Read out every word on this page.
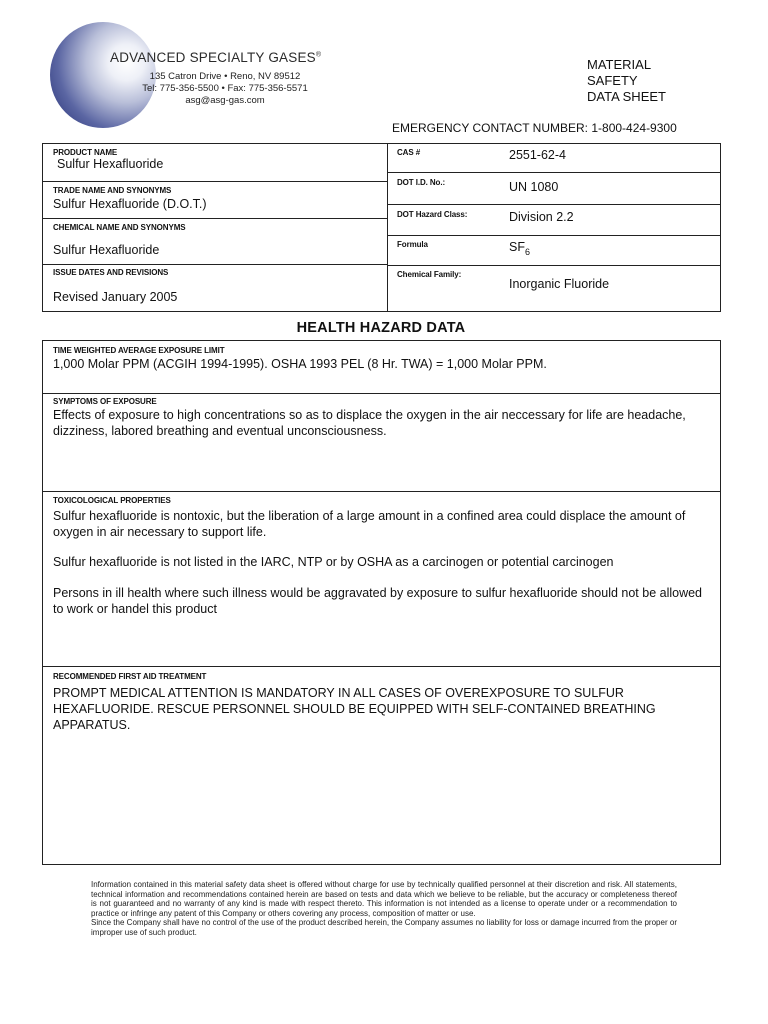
ADVANCED SPECIALTY GASES®
135 Catron Drive • Reno, NV 89512
Tel: 775-356-5500 • Fax: 775-356-5571
asg@asg-gas.com
MATERIAL
SAFETY
DATA SHEET
EMERGENCY CONTACT NUMBER: 1-800-424-9300
PRODUCT NAME
Sulfur Hexafluoride
TRADE NAME AND SYNONYMS
Sulfur Hexafluoride (D.O.T.)
CHEMICAL NAME AND SYNONYMS
Sulfur Hexafluoride
ISSUE DATES AND REVISIONS
Revised January 2005
CAS #	2551-62-4
DOT I.D. No.:	UN 1080
DOT Hazard Class:	Division 2.2
Formula	$SF_6$
Chemical Family:
Inorganic Fluoride
HEALTH HAZARD DATA
TIME WEIGHTED AVERAGE EXPOSURE LIMIT
1,000 Molar PPM (ACGIH 1994-1995). OSHA 1993 PEL (8 Hr. TWA) = 1,000 Molar PPM.
SYMPTOMS OF EXPOSURE
Effects of exposure to high concentrations so as to displace the oxygen in the air neccessary for life are headache, dizziness, labored breathing and eventual unconsciousness.
TOXICOLOGICAL PROPERTIES
Sulfur hexafluoride is nontoxic, but the liberation of a large amount in a confined area could displace the amount of oxygen in air necessary to support life.
Sulfur hexafluoride is not listed in the IARC, NTP or by OSHA as a carcinogen or potential carcinogen
Persons in ill health where such illness would be aggravated by exposure to sulfur hexafluoride should not be allowed to work or handel this product
RECOMMENDED FIRST AID TREATMENT
PROMPT MEDICAL ATTENTION IS MANDATORY IN ALL CASES OF OVEREXPOSURE TO SULFUR HEXAFLUORIDE. RESCUE PERSONNEL SHOULD BE EQUIPPED WITH SELF-CONTAINED BREATHING APPARATUS.

Information contained in this material safety data sheet is offered without charge for use by technically qualified personnel at their discretion and risk. All statements, technical information and recommendations contained herein are based on tests and data which we believe to be reliable, but the accuracy or completeness thereof is not guaranteed and no warranty of any kind is made with respect thereto. This information is not intended as a license to operate under or a recommendation to practice or infringe any patent of this Company or others covering any process, composition of matter or use.

Since the Company shall have no control of the use of the product described herein, the Company assumes no liability for loss or damage incurred from the proper or improper use of such product.
